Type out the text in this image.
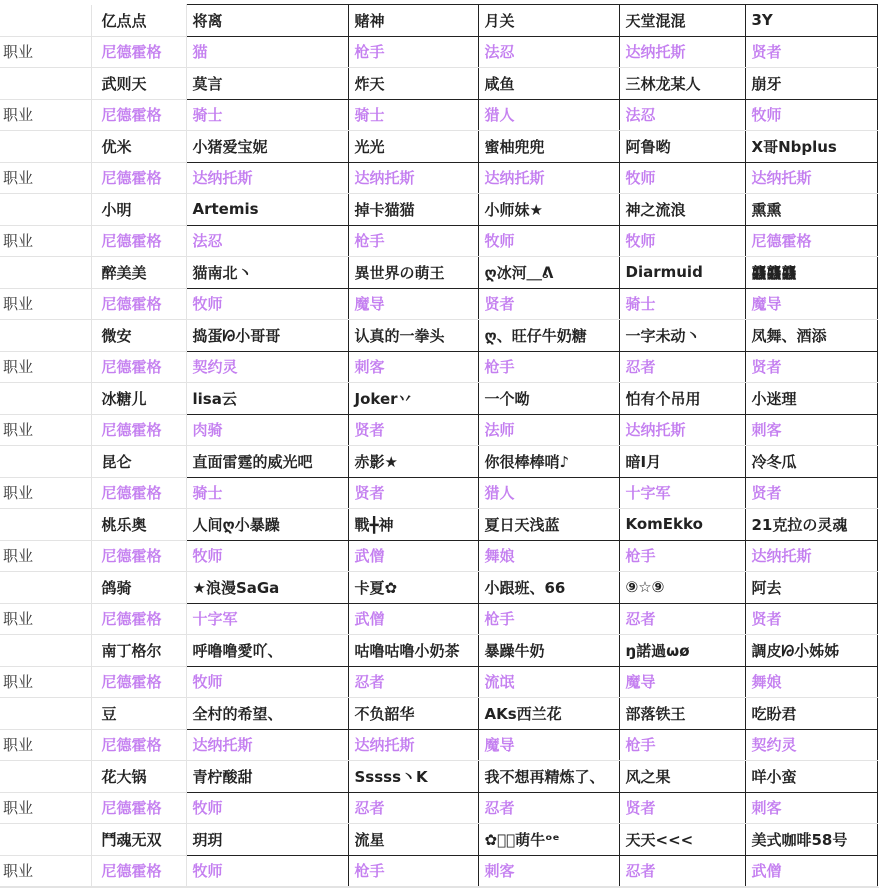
	亿点点	将离	赌神	月关	天堂混混	3Y
职业	尼德霍格	猫	枪手	法忍	达纳托斯	贤者
	武则天	莫言	炸天	咸鱼	三林龙某人	崩牙
职业	尼德霍格	骑士	骑士	猎人	法忍	牧师
	优米	小猪爱宝妮	光光	蜜柚兜兜	阿鲁哟	X哥Nbplus
职业	尼德霍格	达纳托斯	达纳托斯	达纳托斯	牧师	达纳托斯
	小明	Artemis	掉卡猫猫	小师妹★	神之流浪	熏熏
职业	尼德霍格	法忍	枪手	牧师	牧师	尼德霍格
	醉美美	猫南北丶	異世界の萌王	ღ冰河＿ᕕ	Diarmuid	龘龘龘
职业	尼德霍格	牧师	魔导	贤者	骑士	魔导
	微安	捣蛋ᘙ小哥哥	认真的一拳头	ღ、旺仔牛奶糖	一字未动丶	凤舞、酒添
职业	尼德霍格	契约灵	刺客	枪手	忍者	贤者
	冰糖儿	lisa云	Joker丷	一个呦	怕有个吊用	小迷理
职业	尼德霍格	肉骑	贤者	法师	达纳托斯	刺客
	昆仑	直面雷霆的威光吧	赤影★	你很棒棒哨♪	暗I月	冷冬瓜
职业	尼德霍格	骑士	贤者	猎人	十字军	贤者
	桃乐奥	人间ღ小暴躁	戰╋神	夏日天浅蓝	KomEkko	21克拉の灵魂
职业	尼德霍格	牧师	武僧	舞娘	枪手	达纳托斯
	鸽骑	★浪漫SaGa	卡夏✿	小跟班、66	⑨☆⑨	阿去
职业	尼德霍格	十字军	武僧	枪手	忍者	贤者
	南丁格尔	呼噜噜愛吖、	咕噜咕噜小奶茶	暴躁牛奶	ŋ諾過ωø	調皮ᘙ小姊姊
职业	尼德霍格	牧师	忍者	流氓	魔导	舞娘
	豆	全村的希望、	不负韶华	AKs西兰花	部落铁王	吃盼君
职业	尼德霍格	达纳托斯	达纳托斯	魔导	枪手	契约灵
	花大锅	青柠酸甜	Sssss丶K	我不想再精炼了、	风之果	咩小蛮
职业	尼德霍格	牧师	忍者	忍者	贤者	刺客
	鬥魂无双	玥玥	流星	✿ﾟ･萌牛ᵒᵉ	天天<<<	美式咖啡58号
职业	尼德霍格	牧师	枪手	刺客	忍者	武僧
